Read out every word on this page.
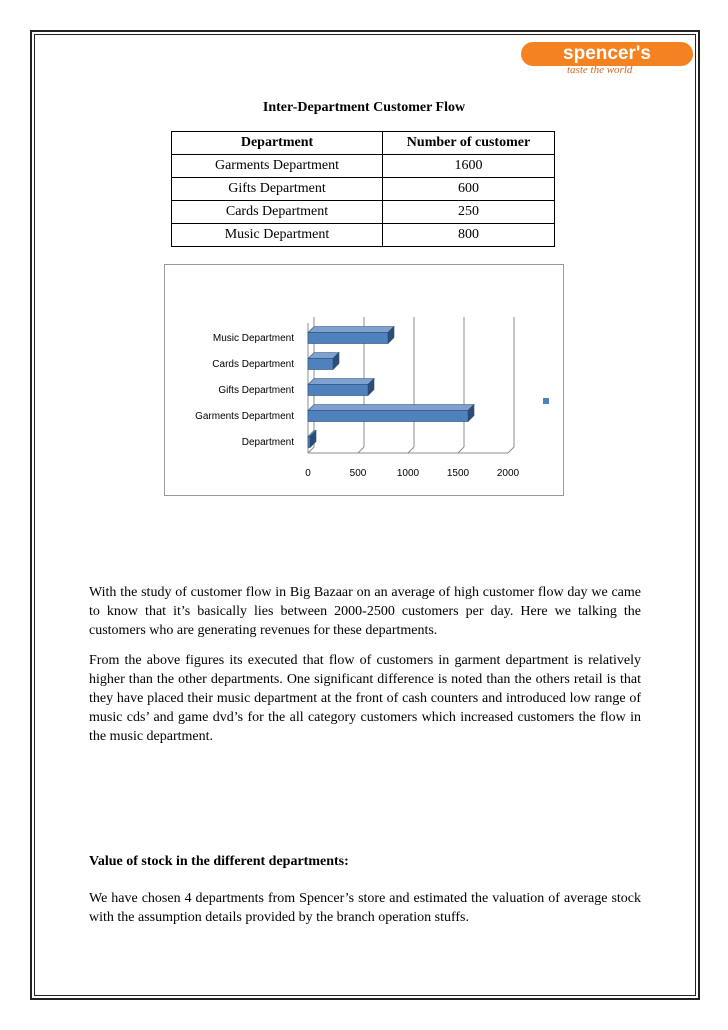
spencer's
taste the world
Inter-Department Customer Flow
Department	Number of customer
Garments Department	1600
Gifts Department	600
Cards Department	250
Music Department	800
0	500	1000	1500	2000
Department
Garments Department
Gifts Department
Cards Department
Music Department

With the study of customer flow in Big Bazaar on an average of high customer flow day we came to know that it’s basically lies between 2000-2500 customers per day. Here we talking the customers who are generating revenues for these departments.

From the above figures its executed that flow of customers in garment department is relatively higher than the other departments. One significant difference is noted than the others retail is that they have placed their music department at the front of cash counters and introduced low range of music cds’ and game dvd’s for the all category customers which increased customers the flow in the music department.

Value of stock in the different departments:

We have chosen 4 departments from Spencer’s store and estimated the valuation of average stock with the assumption details provided by the branch operation stuffs.
